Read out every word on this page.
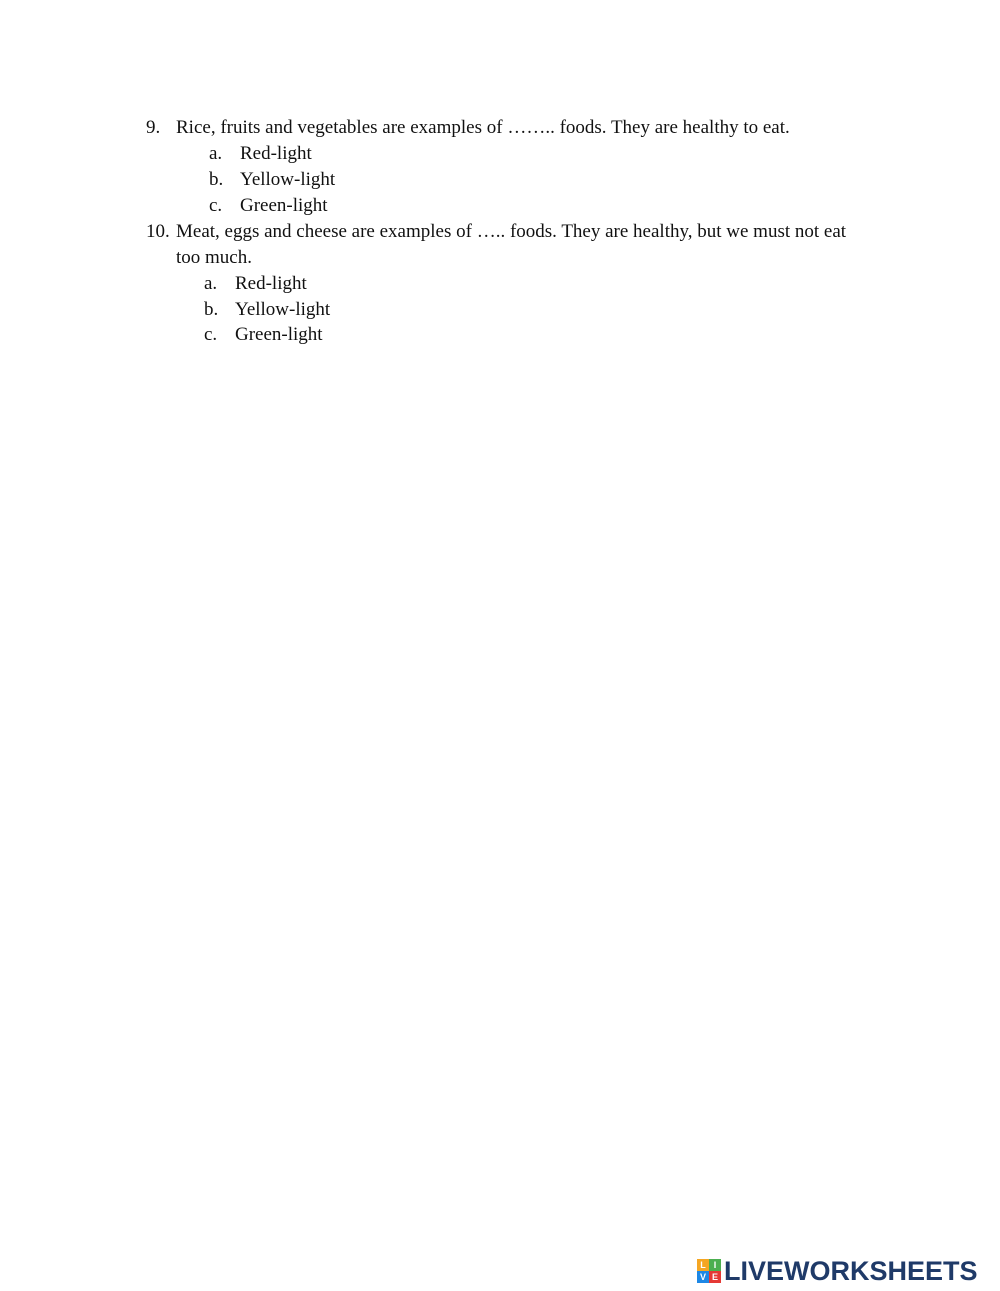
9. Rice, fruits and vegetables are examples of …….. foods. They are healthy to eat.
a. Red-light
b. Yellow-light
c. Green-light
10. Meat, eggs and cheese are examples of ….. foods. They are healthy, but we must not eat
too much.
a. Red-light
b. Yellow-light
c. Green-light
L I
V E LIVEWORKSHEETS
